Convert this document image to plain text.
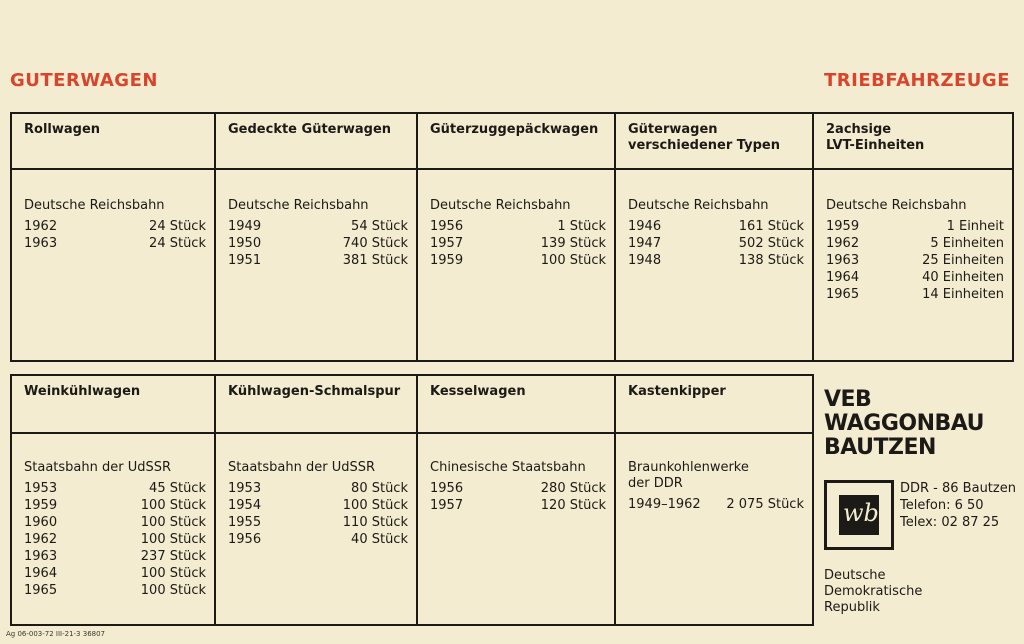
GUTERWAGEN	TRIEBFAHRZEUGE
Rollwagen
Deutsche Reichsbahn
1962	24 Stück
1963	24 Stück
Gedeckte Güterwagen
Deutsche Reichsbahn
1949	54 Stück
1950	740 Stück
1951	381 Stück
Güterzuggepäckwagen
Deutsche Reichsbahn
1956	1 Stück
1957	139 Stück
1959	100 Stück
Güterwagen
verschiedener Typen
Deutsche Reichsbahn
1946	161 Stück
1947	502 Stück
1948	138 Stück
2achsige
LVT-Einheiten
Deutsche Reichsbahn
1959	1 Einheit
1962	5 Einheiten
1963	25 Einheiten
1964	40 Einheiten
1965	14 Einheiten
Weinkühlwagen
Staatsbahn der UdSSR
1953	45 Stück
1959	100 Stück
1960	100 Stück
1962	100 Stück
1963	237 Stück
1964	100 Stück
1965	100 Stück
Kühlwagen-Schmalspur
Staatsbahn der UdSSR
1953	80 Stück
1954	100 Stück
1955	110 Stück
1956	40 Stück
Kesselwagen
Chinesische Staatsbahn
1956	280 Stück
1957	120 Stück
Kastenkipper
Braunkohlenwerke
der DDR
1949–1962 2 075 Stück
VEB
WAGGONBAU
BAUTZEN
wb
DDR - 86 Bautzen
Telefon: 6 50
Telex: 02 87 25
Deutsche
Demokratische
Republik
Ag 06-003-72 III-21-3 36807
